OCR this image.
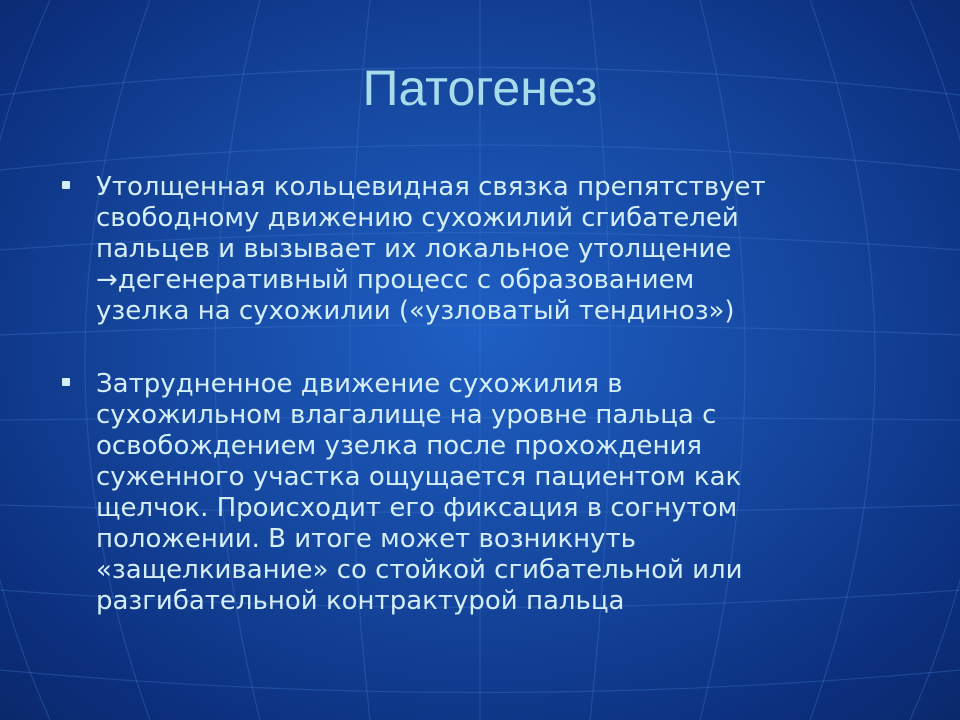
Патогенез
Утолщенная кольцевидная связка препятствует
свободному движению сухожилий сгибателей
пальцев и вызывает их локальное утолщение
→дегенеративный процесс с образованием
узелка на сухожилии («узловатый тендиноз»)
Затрудненное движение сухожилия в
сухожильном влагалище на уровне пальца с
освобождением узелка после прохождения
суженного участка ощущается пациентом как
щелчок. Происходит его фиксация в согнутом
положении. В итоге может возникнуть
«защелкивание» со стойкой сгибательной или
разгибательной контрактурой пальца
